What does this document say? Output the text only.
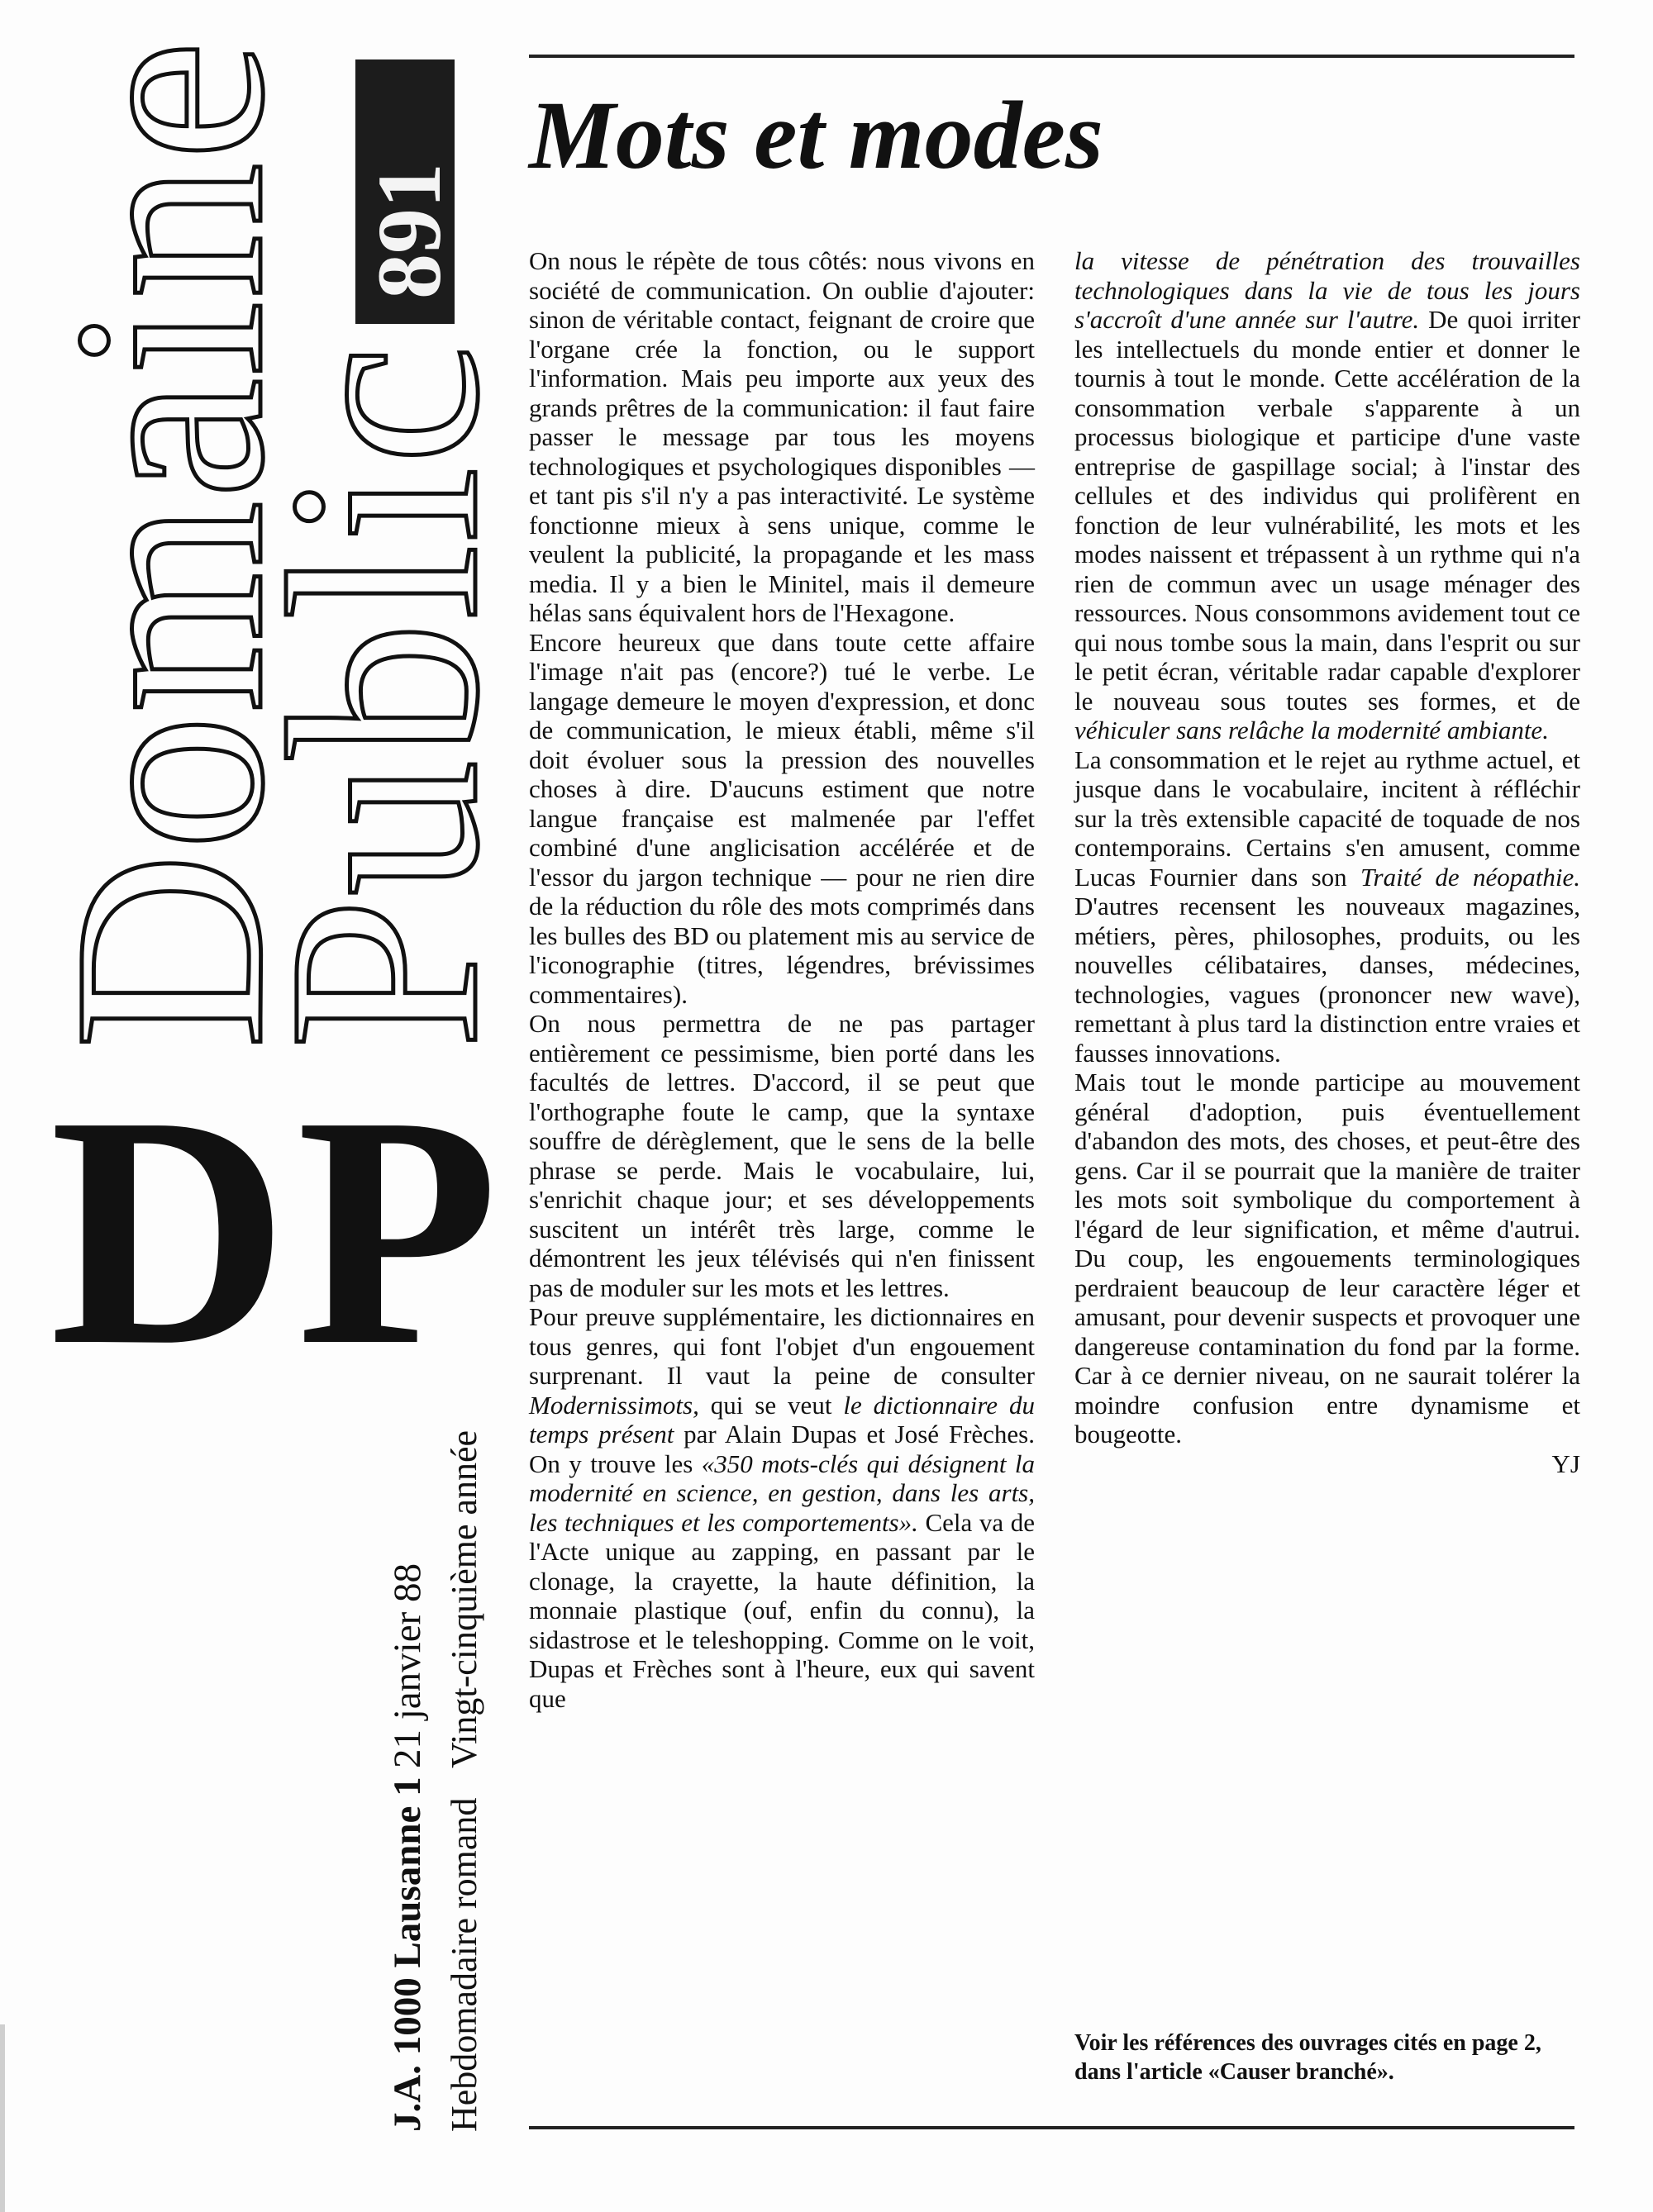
Domaine
Public
891
DP
J.A. 1000 Lausanne 1 Hebdomadaire romand
21 janvier 88 Vingt-cinquième année
Mots et modes

On nous le répète de tous côtés: nous vivons en société de communication. On oublie d'ajouter: sinon de véritable contact, feignant de croire que l'organe crée la fonction, ou le support l'information. Mais peu importe aux yeux des grands prêtres de la communication: il faut faire passer le message par tous les moyens technologiques et psychologiques disponibles — et tant pis s'il n'y a pas interactivité. Le système fonctionne mieux à sens unique, comme le veulent la publicité, la propagande et les mass media. Il y a bien le Minitel, mais il demeure hélas sans équivalent hors de l'Hexagone.

Encore heureux que dans toute cette affaire l'image n'ait pas (encore?) tué le verbe. Le langage demeure le moyen d'expression, et donc de communication, le mieux établi, même s'il doit évoluer sous la pression des nouvelles choses à dire. D'aucuns estiment que notre langue française est malmenée par l'effet combiné d'une anglicisation accélérée et de l'essor du jargon technique — pour ne rien dire de la réduction du rôle des mots comprimés dans les bulles des BD ou platement mis au service de l'iconographie (titres, légendres, brévissimes commentaires).

On nous permettra de ne pas partager entièrement ce pessimisme, bien porté dans les facultés de lettres. D'accord, il se peut que l'orthographe foute le camp, que la syntaxe souffre de dérèglement, que le sens de la belle phrase se perde. Mais le vocabulaire, lui, s'enrichit chaque jour; et ses développements suscitent un intérêt très large, comme le démontrent les jeux télévisés qui n'en finissent pas de moduler sur les mots et les lettres.

Pour preuve supplémentaire, les dictionnaires en tous genres, qui font l'objet d'un engouement surprenant. Il vaut la peine de consulter Modernissimots, qui se veut le dictionnaire du temps présent par Alain Dupas et José Frèches. On y trouve les «350 mots-clés qui désignent la modernité en science, en gestion, dans les arts, les techniques et les comportements». Cela va de l'Acte unique au zapping, en passant par le clonage, la crayette, la haute définition, la monnaie plastique (ouf, enfin du connu), la sidastrose et le teleshopping. Comme on le voit, Dupas et Frèches sont à l'heure, eux qui savent que

la vitesse de pénétration des trouvailles technologiques dans la vie de tous les jours s'accroît d'une année sur l'autre. De quoi irriter les intellectuels du monde entier et donner le tournis à tout le monde. Cette accélération de la consommation verbale s'apparente à un processus biologique et participe d'une vaste entreprise de gaspillage social; à l'instar des cellules et des individus qui prolifèrent en fonction de leur vulnérabilité, les mots et les modes naissent et trépassent à un rythme qui n'a rien de commun avec un usage ménager des ressources. Nous consommons avidement tout ce qui nous tombe sous la main, dans l'esprit ou sur le petit écran, véritable radar capable d'explorer le nouveau sous toutes ses formes, et de véhiculer sans relâche la modernité ambiante.

La consommation et le rejet au rythme actuel, et jusque dans le vocabulaire, incitent à réfléchir sur la très extensible capacité de toquade de nos contemporains. Certains s'en amusent, comme Lucas Fournier dans son Traité de néopathie. D'autres recensent les nouveaux magazines, métiers, pères, philosophes, produits, ou les nouvelles célibataires, danses, médecines, technologies, vagues (prononcer new wave), remettant à plus tard la distinction entre vraies et fausses innovations.

Mais tout le monde participe au mouvement général d'adoption, puis éventuellement d'abandon des mots, des choses, et peut-être des gens. Car il se pourrait que la manière de traiter les mots soit symbolique du comportement à l'égard de leur signification, et même d'autrui. Du coup, les engouements terminologiques perdraient beaucoup de leur caractère léger et amusant, pour devenir suspects et provoquer une dangereuse contamination du fond par la forme. Car à ce dernier niveau, on ne saurait tolérer la moindre confusion entre dynamisme et bougeotte.

YJ

Voir les références des ouvrages cités en page 2, dans l'article «Causer branché».
